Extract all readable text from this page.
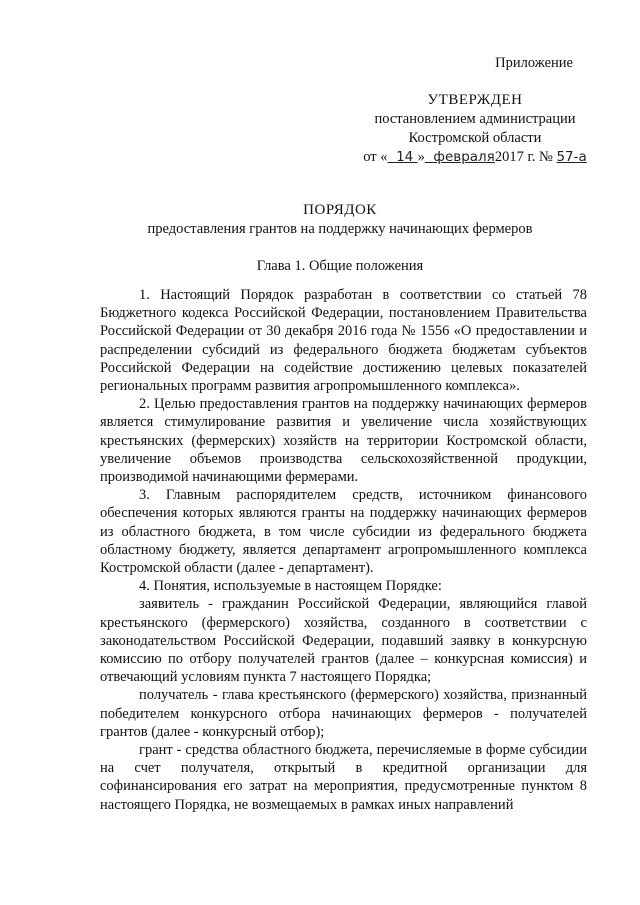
Приложение
УТВЕРЖДЕН
постановлением администрации
Костромской области
от « 14 » февраля2017 г. № 57-а
ПОРЯДОК
предоставления грантов на поддержку начинающих фермеров
Глава 1. Общие положения

1. Настоящий Порядок разработан в соответствии со статьей 78 Бюджетного кодекса Российской Федерации, постановлением Правительства Российской Федерации от 30 декабря 2016 года № 1556 «О предоставлении и распределении субсидий из федерального бюджета бюджетам субъектов Российской Федерации на содействие достижению целевых показателей региональных программ развития агропромышленного комплекса».

2. Целью предоставления грантов на поддержку начинающих фермеров является стимулирование развития и увеличение числа хозяйствующих крестьянских (фермерских) хозяйств на территории Костромской области, увеличение объемов производства сельскохозяйственной продукции, производимой начинающими фермерами.

3. Главным распорядителем средств, источником финансового обеспечения которых являются гранты на поддержку начинающих фермеров из областного бюджета, в том числе субсидии из федерального бюджета областному бюджету, является департамент агропромышленного комплекса Костромской области (далее - департамент).

4. Понятия, используемые в настоящем Порядке:

заявитель - гражданин Российской Федерации, являющийся главой крестьянского (фермерского) хозяйства, созданного в соответствии с законодательством Российской Федерации, подавший заявку в конкурсную комиссию по отбору получателей грантов (далее – конкурсная комиссия) и отвечающий условиям пункта 7 настоящего Порядка;

получатель - глава крестьянского (фермерского) хозяйства, признанный победителем конкурсного отбора начинающих фермеров - получателей грантов (далее - конкурсный отбор);

грант - средства областного бюджета, перечисляемые в форме субсидии на счет получателя, открытый в кредитной организации для софинансирования его затрат на мероприятия, предусмотренные пунктом 8 настоящего Порядка, не возмещаемых в рамках иных направлений
